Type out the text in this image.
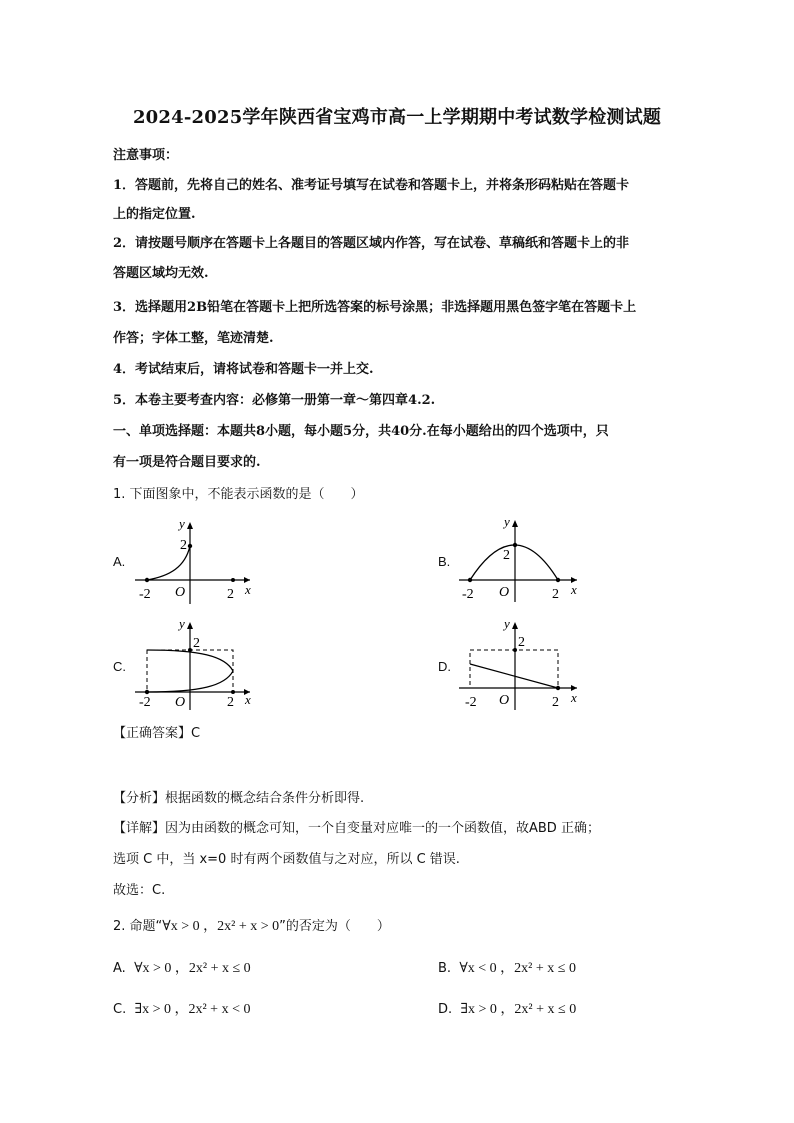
2024-2025学年陕西省宝鸡市高一上学期期中考试数学检测试题
注意事项：
1．答题前，先将自己的姓名、准考证号填写在试卷和答题卡上，并将条形码粘贴在答题卡
上的指定位置.
2．请按题号顺序在答题卡上各题目的答题区域内作答，写在试卷、草稿纸和答题卡上的非
答题区域均无效.
3．选择题用2B铅笔在答题卡上把所选答案的标号涂黑；非选择题用黑色签字笔在答题卡上
作答；字体工整，笔迹清楚.
4．考试结束后，请将试卷和答题卡一并上交.
5．本卷主要考查内容：必修第一册第一章～第四章4.2.
一、单项选择题：本题共8小题，每小题5分，共40分.在每小题给出的四个选项中，只
有一项是符合题目要求的.
1. 下面图象中，不能表示函数的是（　　）
A.
2
-2 O	2 x
y
B.	2
-2 O	2 x
y
C.
2
-2 O	2 x
y
D.
2
-2 O	2 x
y
【正确答案】C
【分析】根据函数的概念结合条件分析即得.
【详解】因为由函数的概念可知，一个自变量对应唯一的一个函数值，故ABD 正确；
选项 C 中，当 x=0 时有两个函数值与之对应，所以 C 错误.
故选：C.
2. 命题“∀x > 0 ，2x² + x > 0”的否定为（　　）
A. ∀x > 0 ，2x² + x ≤ 0	B. ∀x < 0 ，2x² + x ≤ 0
C. ∃x > 0 ，2x² + x < 0	D. ∃x > 0 ，2x² + x ≤ 0
